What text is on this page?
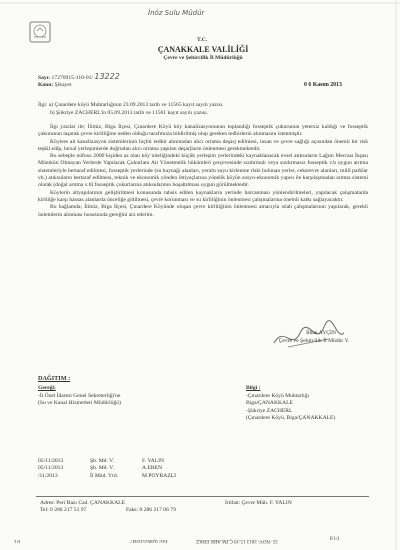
İnöz Sulu Müdür
T.C.
ÇANAKKALE VALİLİĞİ
Çevre ve Şehircilik İl Müdürlüğü
Sayı: 17270915-110-01/ 13222
Konu: Şikayet	0 6 Kasım 2013
İlgi: a) Çınardere köyü Muhtarlığının 23.09.2013 tarih ve 11565 kayıt sayılı yazısı.
b) Şükriye ZACHERL'in 05.09.2013 tarih ve 11561 kayıt sayılı yazısı.

İlgi yazılar ile; İlimiz, Biga İlçesi, Çınardere Köyü köy kanalizasyonunun toplandığı fosseptik çukurunun yetersiz kaldığı ve fosseptik çukurunun taşarak çevre kirliliğine neden olduğu tarafımıza bildirilmiş olup gereken tedbirlerin alınmasını istenmiştir.

Köylere ait kanalizasyon sistemlerinin hiçbir tedbir alınmadan alıcı ortama deşarj edilmesi, insan ve çevre sağlığı açısından önemli bir risk teşkil edip, hırsal yerleşimlerde doğrudan alıcı ortama yapılan deşarjların önlenmesi gerekmektedir.

Bu sebeple nüfusu 2000 kişiden az olan köy niteliğindeki küçük yerleşim yerlerindeki kaynaklanacak evsel atıksuların Lağım Mecrası İnşası Mümkün Olmayan Yerlerde Yapılacak Çukurlara Ait Yönetmelik hükümleri çerçevesinde sızdırmalı veya sızdırmasız fosseptik v.b uygun arıtma sistemleriyle bertaraf edilmesi, fosseptik yerlerinde (su kaynağı alanları, yeraltı suyu kirlenme riski bulunan yerler, cekerevre alanları, millî parklar vb.) atıksuların bertaraf edilmesi, teknik ve ekonomik yönden ihtiyaçlarına yönelik köyün sosyo-ekonomik yapısı ile karşılaşmadan arıtma sistemi olarak (doğal arıtma v.b) fosseptik çukurlarına atıksularının boşaltılması uygun görülmektedir.

Köylerin altyapılarının geliştirilmesi konusunda tahsis edilen kaynakların yerinde harcanması yönlendirilmeleri, yapılacak çalışmalarda kirliliğe karşı hassas alanlarda önceliğe gidilmesi, çevre korunması ve su kirliliğinin önlenmesi çalışmalarına önemli katkı sağlayacaktır.

Bu bağlamda; İlimiz, Biga İlçesi, Çınardere Köyünde oluşan çevre kirliliğinin önlenmesi amacıyla ıslah çalışmalarının yapılarak, gerekli önlemlerin alınması hususunda gereğini arz ederim.

İlhan AYÇİN
Çevre ve Şehircilik İl Müdür V.
DAĞITIM :
Gereği:
-İl Özel İdaresi Genel Sekreterliği'ne
(Su ve Kanal Hizmetleri Müdürlüğü)
Bilgi :
-Çınardere Köyü Muhtarlığı
Biga/ÇANAKKALE
-Şükriye ZACHERL
(Çınardere Köyü, Biga/ÇANAKKALE)
05/11/2013	Şb. Md. V.	F. YALIN
05/11/2013	Şb. Md. V.	A.EREN
/11/2013	İl Müd. Yrd.	M.POYRAZLI
Adres: Peri Bazı Cad. ÇANAKKALE	İrtibat: Çevre Müh. F. YALIN
Tel: 0 286 217 51 97	Faks: 0 286 217 06 79
35 -NOV- 2013 15:19 Ç.İM.ABK ERKZ
Fax: 02862510447
P.1	P.1/1
